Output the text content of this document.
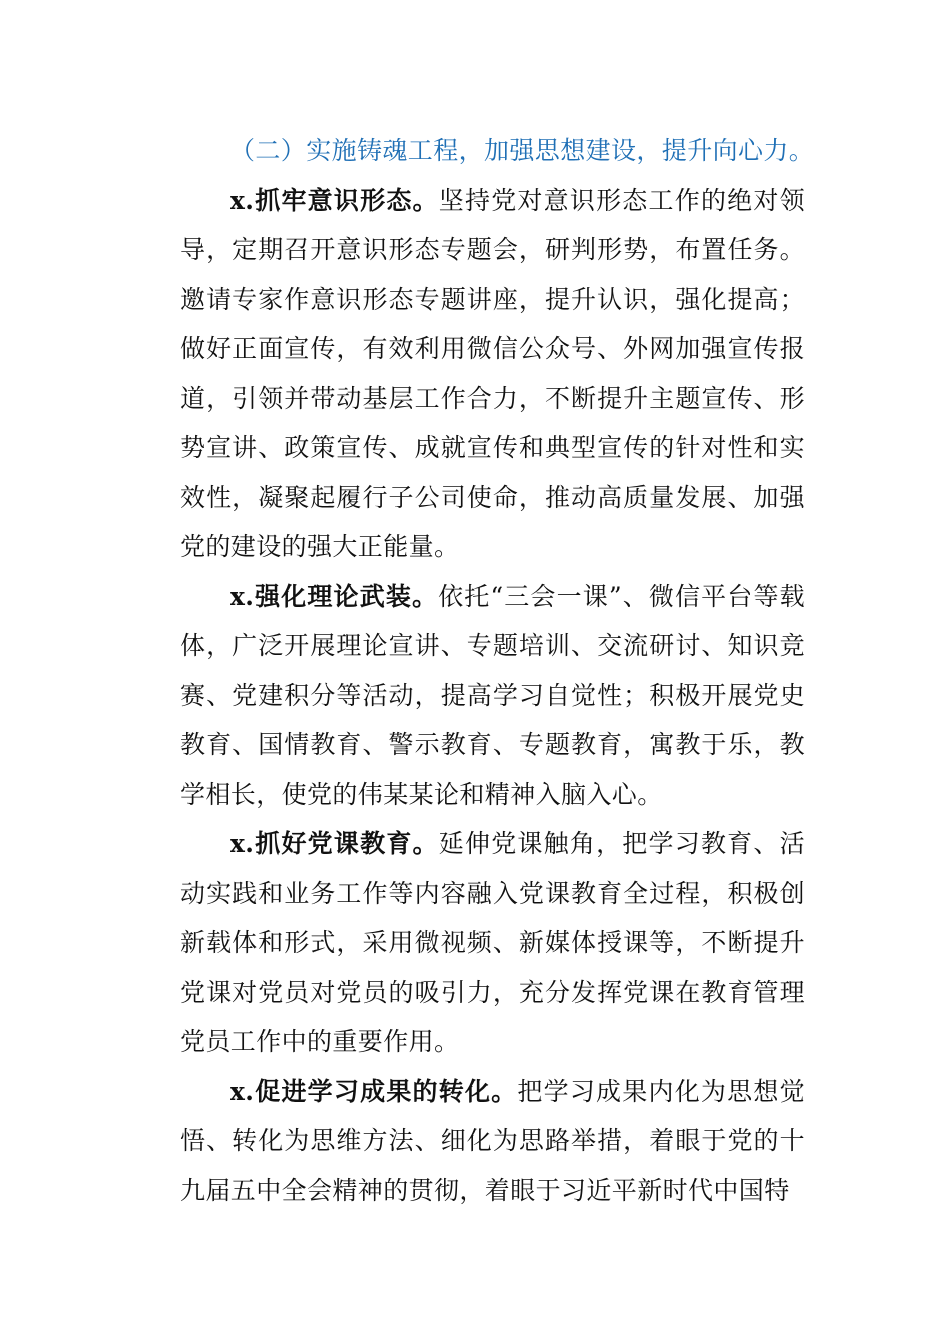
（二）实施铸魂工程，加强思想建设，提升向心力。

x.抓牢意识形态。坚持党对意识形态工作的绝对领导，定期召开意识形态专题会，研判形势，布置任务。邀请专家作意识形态专题讲座，提升认识，强化提高；做好正面宣传，有效利用微信公众号、外网加强宣传报道，引领并带动基层工作合力，不断提升主题宣传、形势宣讲、政策宣传、成就宣传和典型宣传的针对性和实效性，凝聚起履行子公司使命，推动高质量发展、加强党的建设的强大正能量。

x.强化理论武装。依托“三会一课”、微信平台等载体，广泛开展理论宣讲、专题培训、交流研讨、知识竞赛、党建积分等活动，提高学习自觉性；积极开展党史教育、国情教育、警示教育、专题教育，寓教于乐，教学相长，使党的伟某某论和精神入脑入心。

x.抓好党课教育。延伸党课触角，把学习教育、活动实践和业务工作等内容融入党课教育全过程，积极创新载体和形式，采用微视频、新媒体授课等，不断提升党课对党员对党员的吸引力，充分发挥党课在教育管理党员工作中的重要作用。

x.促进学习成果的转化。把学习成果内化为思想觉悟、转化为思维方法、细化为思路举措，着眼于党的十九届五中全会精神的贯彻，着眼于习近平新时代中国特
